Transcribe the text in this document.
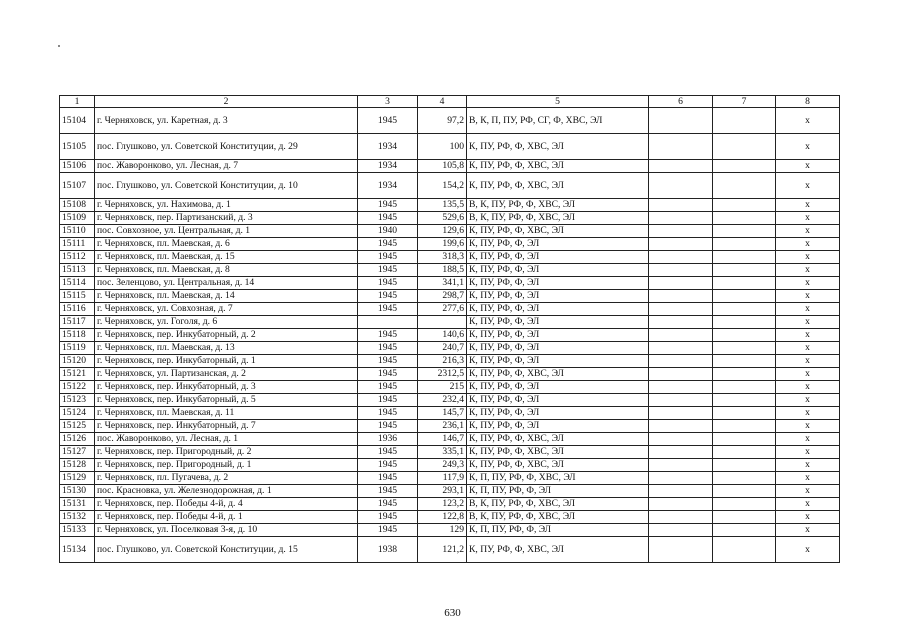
1	2	3	4	5	6	7	8
15104	г. Черняховск, ул. Каретная, д. 3	1945	97,2	В, К, П, ПУ, РФ, СГ, Ф, ХВС, ЭЛ			x
15105	пос. Глушково, ул. Советской Конституции, д. 29	1934	100	К, ПУ, РФ, Ф, ХВС, ЭЛ			x
15106	пос. Жаворонково, ул. Лесная, д. 7	1934	105,8	К, ПУ, РФ, Ф, ХВС, ЭЛ			x
15107	пос. Глушково, ул. Советской Конституции, д. 10	1934	154,2	К, ПУ, РФ, Ф, ХВС, ЭЛ			x
15108	г. Черняховск, ул. Нахимова, д. 1	1945	135,5	В, К, ПУ, РФ, Ф, ХВС, ЭЛ			x
15109	г. Черняховск, пер. Партизанский, д. 3	1945	529,6	В, К, ПУ, РФ, Ф, ХВС, ЭЛ			x
15110	пос. Совхозное, ул. Центральная, д. 1	1940	129,6	К, ПУ, РФ, Ф, ХВС, ЭЛ			x
15111	г. Черняховск, пл. Маевская, д. 6	1945	199,6	К, ПУ, РФ, Ф, ЭЛ			x
15112	г. Черняховск, пл. Маевская, д. 15	1945	318,3	К, ПУ, РФ, Ф, ЭЛ			x
15113	г. Черняховск, пл. Маевская, д. 8	1945	188,5	К, ПУ, РФ, Ф, ЭЛ			x
15114	пос. Зеленцово, ул. Центральная, д. 14	1945	341,1	К, ПУ, РФ, Ф, ЭЛ			x
15115	г. Черняховск, пл. Маевская, д. 14	1945	298,7	К, ПУ, РФ, Ф, ЭЛ			x
15116	г. Черняховск, ул. Совхозная, д. 7	1945	277,6	К, ПУ, РФ, Ф, ЭЛ			x
15117	г. Черняховск, ул. Гоголя, д. 6			К, ПУ, РФ, Ф, ЭЛ			x
15118	г. Черняховск, пер. Инкубаторный, д. 2	1945	140,6	К, ПУ, РФ, Ф, ЭЛ			x
15119	г. Черняховск, пл. Маевская, д. 13	1945	240,7	К, ПУ, РФ, Ф, ЭЛ			x
15120	г. Черняховск, пер. Инкубаторный, д. 1	1945	216,3	К, ПУ, РФ, Ф, ЭЛ			x
15121	г. Черняховск, ул. Партизанская, д. 2	1945	2312,5	К, ПУ, РФ, Ф, ХВС, ЭЛ			x
15122	г. Черняховск, пер. Инкубаторный, д. 3	1945	215	К, ПУ, РФ, Ф, ЭЛ			x
15123	г. Черняховск, пер. Инкубаторный, д. 5	1945	232,4	К, ПУ, РФ, Ф, ЭЛ			x
15124	г. Черняховск, пл. Маевская, д. 11	1945	145,7	К, ПУ, РФ, Ф, ЭЛ			x
15125	г. Черняховск, пер. Инкубаторный, д. 7	1945	236,1	К, ПУ, РФ, Ф, ЭЛ			x
15126	пос. Жаворонково, ул. Лесная, д. 1	1936	146,7	К, ПУ, РФ, Ф, ХВС, ЭЛ			x
15127	г. Черняховск, пер. Пригородный, д. 2	1945	335,1	К, ПУ, РФ, Ф, ХВС, ЭЛ			x
15128	г. Черняховск, пер. Пригородный, д. 1	1945	249,3	К, ПУ, РФ, Ф, ХВС, ЭЛ			x
15129	г. Черняховск, пл. Пугачева, д. 2	1945	117,9	К, П, ПУ, РФ, Ф, ХВС, ЭЛ			x
15130	пос. Красновка, ул. Железнодорожная, д. 1	1945	293,1	К, П, ПУ, РФ, Ф, ЭЛ			x
15131	г. Черняховск, пер. Победы 4-й, д. 4	1945	123,2	В, К, ПУ, РФ, Ф, ХВС, ЭЛ			x
15132	г. Черняховск, пер. Победы 4-й, д. 1	1945	122,8	В, К, ПУ, РФ, Ф, ХВС, ЭЛ			x
15133	г. Черняховск, ул. Поселковая 3-я, д. 10	1945	129	К, П, ПУ, РФ, Ф, ЭЛ			x
15134	пос. Глушково, ул. Советской Конституции, д. 15	1938	121,2	К, ПУ, РФ, Ф, ХВС, ЭЛ			x
630
